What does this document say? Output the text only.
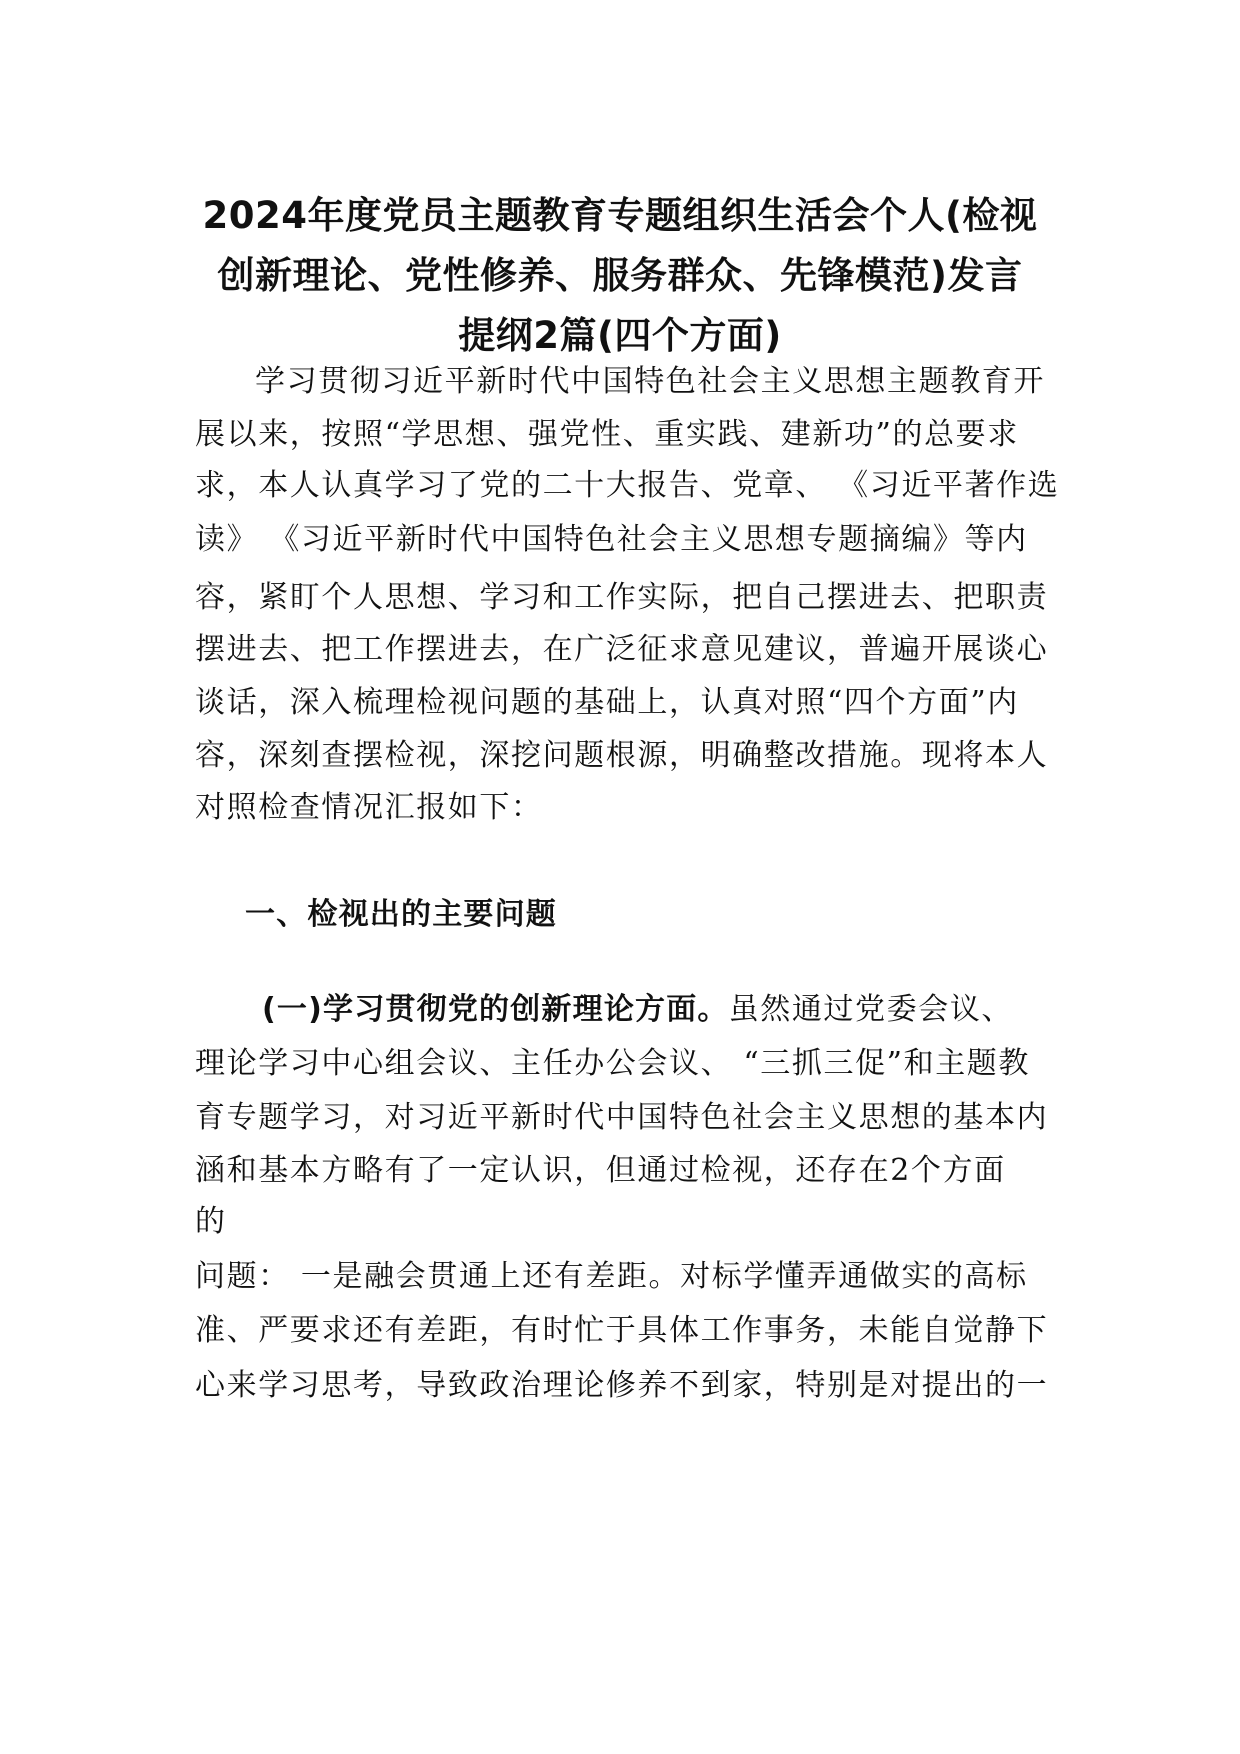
2024年度党员主题教育专题组织生活会个人(检视
创新理论、党性修养、服务群众、先锋模范)发言
提纲2篇(四个方面)

学习贯彻习近平新时代中国特色社会主义思想主题教育开

展以来，按照“学思想、强党性、重实践、建新功”的总要求

求，本人认真学习了党的二十大报告、党章、 《习近平著作选

读》 《习近平新时代中国特色社会主义思想专题摘编》等内

容，紧盯个人思想、学习和工作实际，把自己摆进去、把职责

摆进去、把工作摆进去，在广泛征求意见建议，普遍开展谈心

谈话，深入梳理检视问题的基础上，认真对照“四个方面”内

容，深刻查摆检视，深挖问题根源，明确整改措施。现将本人

对照检查情况汇报如下：

一、检视出的主要问题

(一)学习贯彻党的创新理论方面。虽然通过党委会议、

理论学习中心组会议、主任办公会议、 “三抓三促”和主题教

育专题学习，对习近平新时代中国特色社会主义思想的基本内

涵和基本方略有了一定认识，但通过检视，还存在2个方面

的

问题： 一是融会贯通上还有差距。对标学懂弄通做实的高标

准、严要求还有差距，有时忙于具体工作事务，未能自觉静下

心来学习思考，导致政治理论修养不到家，特别是对提出的一
